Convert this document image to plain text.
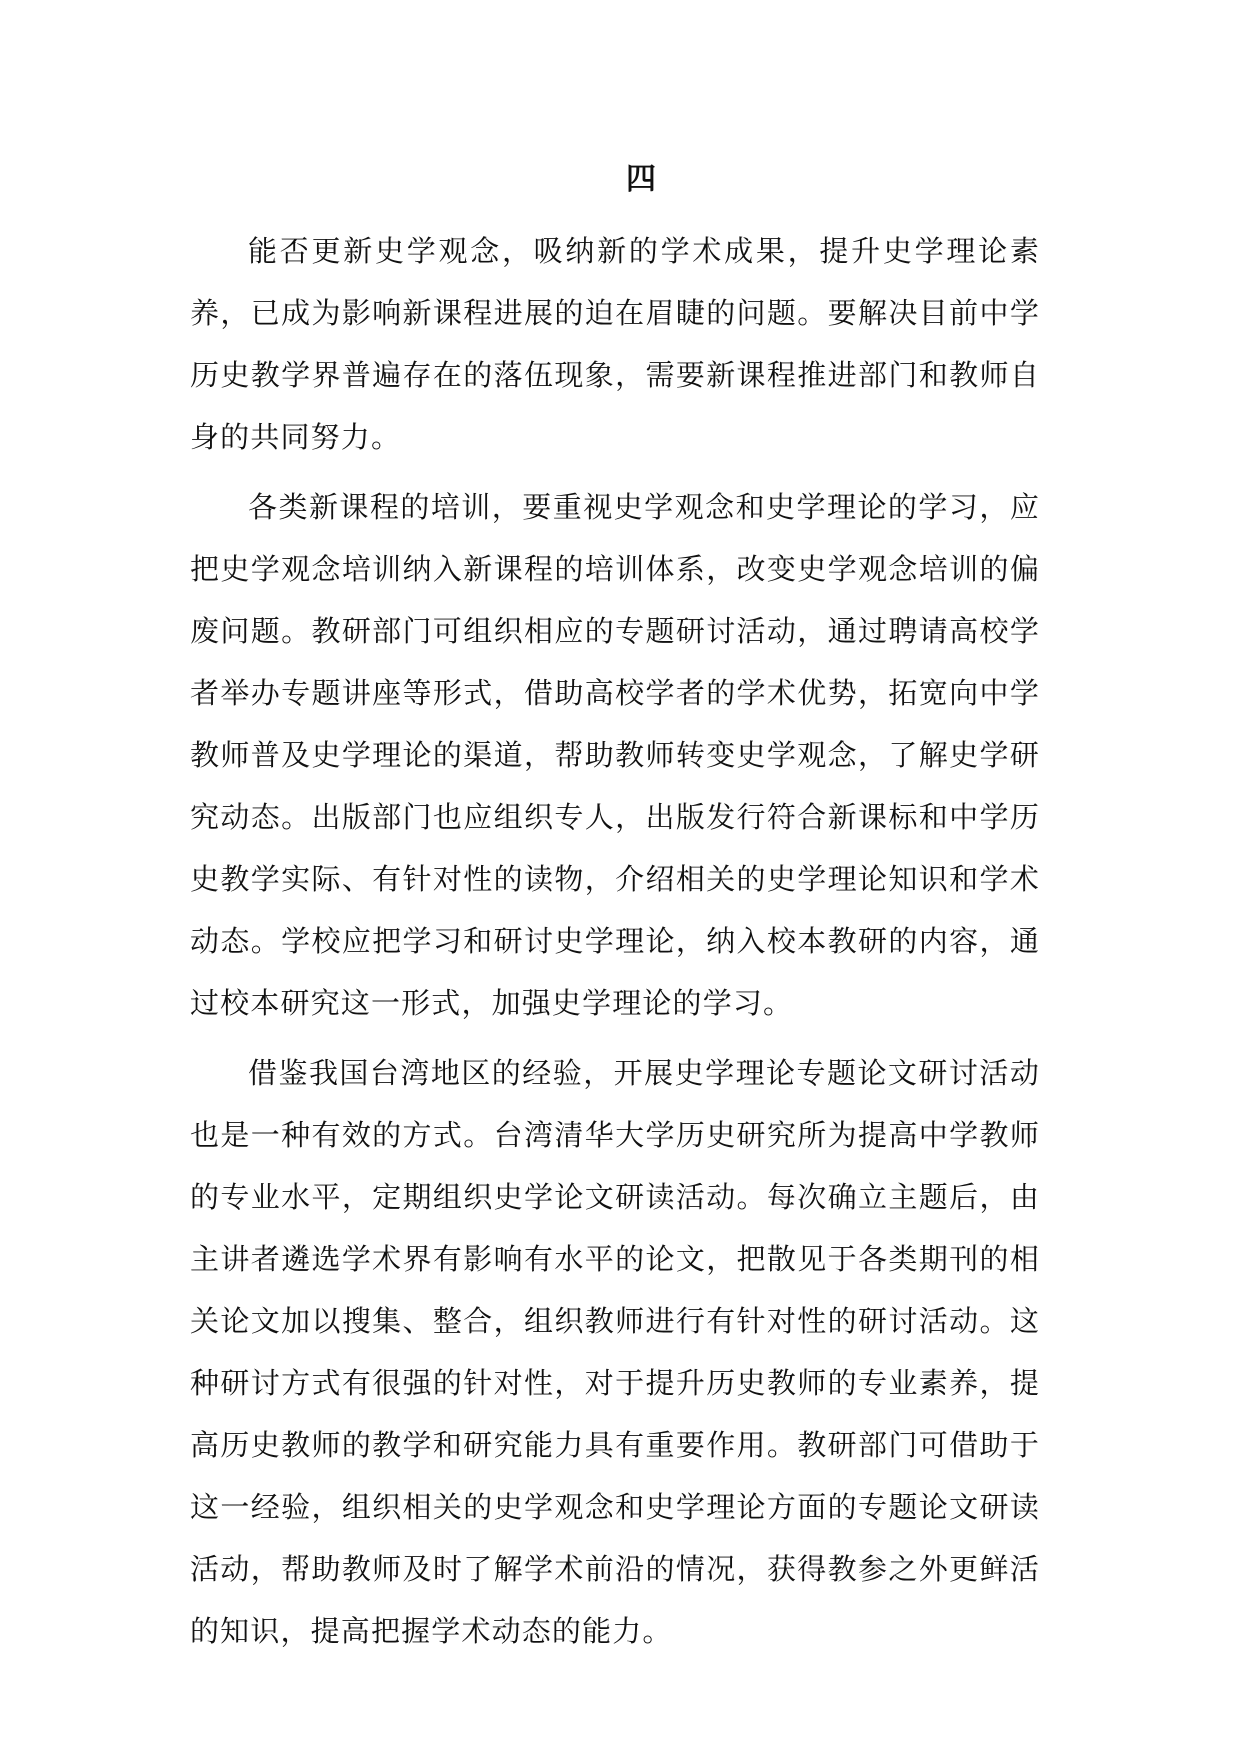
四

能否更新史学观念，吸纳新的学术成果，提升史学理论素养，已成为影响新课程进展的迫在眉睫的问题。要解决目前中学历史教学界普遍存在的落伍现象，需要新课程推进部门和教师自身的共同努力。

各类新课程的培训，要重视史学观念和史学理论的学习，应把史学观念培训纳入新课程的培训体系，改变史学观念培训的偏废问题。教研部门可组织相应的专题研讨活动，通过聘请高校学者举办专题讲座等形式，借助高校学者的学术优势，拓宽向中学教师普及史学理论的渠道，帮助教师转变史学观念，了解史学研究动态。出版部门也应组织专人，出版发行符合新课标和中学历史教学实际、有针对性的读物，介绍相关的史学理论知识和学术动态。学校应把学习和研讨史学理论，纳入校本教研的内容，通过校本研究这一形式，加强史学理论的学习。

借鉴我国台湾地区的经验，开展史学理论专题论文研讨活动也是一种有效的方式。台湾清华大学历史研究所为提高中学教师的专业水平，定期组织史学论文研读活动。每次确立主题后，由主讲者遴选学术界有影响有水平的论文，把散见于各类期刊的相关论文加以搜集、整合，组织教师进行有针对性的研讨活动。这种研讨方式有很强的针对性，对于提升历史教师的专业素养，提高历史教师的教学和研究能力具有重要作用。教研部门可借助于这一经验，组织相关的史学观念和史学理论方面的专题论文研读活动，帮助教师及时了解学术前沿的情况，获得教参之外更鲜活的知识，提高把握学术动态的能力。
